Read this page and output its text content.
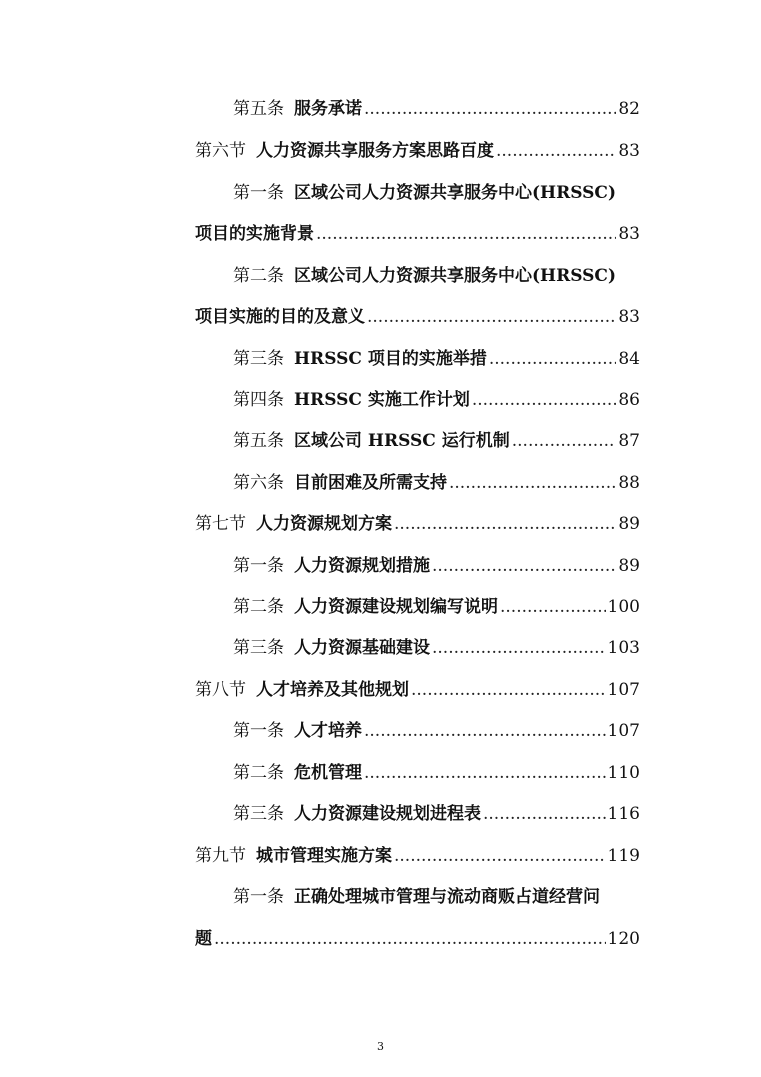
第五条 服务承诺 .....	82
第六节 人力资源共享服务方案思路百度 .....	83
第一条 区域公司人力资源共享服务中心(HRSSC)
项目的实施背景 .....	83
第二条 区域公司人力资源共享服务中心(HRSSC)
项目实施的目的及意义 .....	83
第三条 HRSSC 项目的实施举措 .....	84
第四条 HRSSC 实施工作计划 .....	86
第五条 区域公司 HRSSC 运行机制 .....	87
第六条 目前困难及所需支持 .....	88
第七节 人力资源规划方案 .....	89
第一条 人力资源规划措施 .....	89
第二条 人力资源建设规划编写说明 .....	100
第三条 人力资源基础建设 .....	103
第八节 人才培养及其他规划 .....	107
第一条 人才培养 .....	107
第二条 危机管理 .....	110
第三条 人力资源建设规划进程表 .....	116
第九节 城市管理实施方案 .....	119
第一条 正确处理城市管理与流动商贩占道经营问
题 .....	120
3
